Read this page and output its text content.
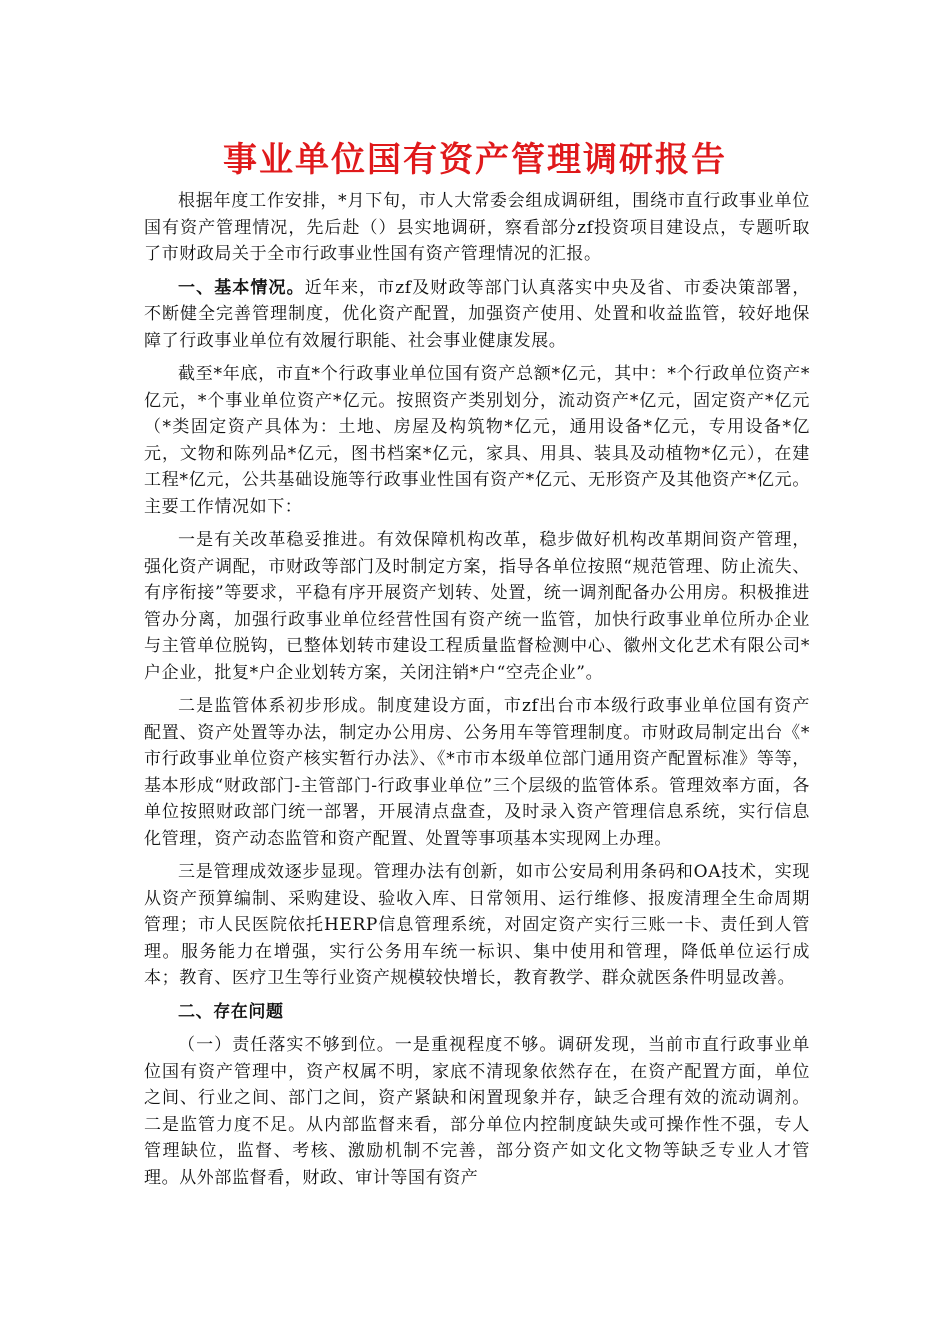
事业单位国有资产管理调研报告

根据年度工作安排，*月下旬，市人大常委会组成调研组，围绕市直行政事业单位国有资产管理情况，先后赴（）县实地调研，察看部分zf投资项目建设点，专题听取了市财政局关于全市行政事业性国有资产管理情况的汇报。

一、基本情况。近年来，市zf及财政等部门认真落实中央及省、市委决策部署，不断健全完善管理制度，优化资产配置，加强资产使用、处置和收益监管，较好地保障了行政事业单位有效履行职能、社会事业健康发展。

截至*年底，市直*个行政事业单位国有资产总额*亿元，其中：*个行政单位资产*亿元，*个事业单位资产*亿元。按照资产类别划分，流动资产*亿元，固定资产*亿元（*类固定资产具体为：土地、房屋及构筑物*亿元，通用设备*亿元，专用设备*亿元，文物和陈列品*亿元，图书档案*亿元，家具、用具、装具及动植物*亿元），在建工程*亿元，公共基础设施等行政事业性国有资产*亿元、无形资产及其他资产*亿元。主要工作情况如下：

一是有关改革稳妥推进。有效保障机构改革，稳步做好机构改革期间资产管理，强化资产调配，市财政等部门及时制定方案，指导各单位按照“规范管理、防止流失、有序衔接”等要求，平稳有序开展资产划转、处置，统一调剂配备办公用房。积极推进管办分离，加强行政事业单位经营性国有资产统一监管，加快行政事业单位所办企业与主管单位脱钩，已整体划转市建设工程质量监督检测中心、徽州文化艺术有限公司*户企业，批复*户企业划转方案，关闭注销*户“空壳企业”。

二是监管体系初步形成。制度建设方面，市zf出台市本级行政事业单位国有资产配置、资产处置等办法，制定办公用房、公务用车等管理制度。市财政局制定出台《*市行政事业单位资产核实暂行办法》、《*市市本级单位部门通用资产配置标准》等等，基本形成“财政部门-主管部门-行政事业单位”三个层级的监管体系。管理效率方面，各单位按照财政部门统一部署，开展清点盘查，及时录入资产管理信息系统，实行信息化管理，资产动态监管和资产配置、处置等事项基本实现网上办理。

三是管理成效逐步显现。管理办法有创新，如市公安局利用条码和OA技术，实现从资产预算编制、采购建设、验收入库、日常领用、运行维修、报废清理全生命周期管理；市人民医院依托HERP信息管理系统，对固定资产实行三账一卡、责任到人管理。服务能力在增强，实行公务用车统一标识、集中使用和管理，降低单位运行成本；教育、医疗卫生等行业资产规模较快增长，教育教学、群众就医条件明显改善。

二、存在问题

（一）责任落实不够到位。一是重视程度不够。调研发现，当前市直行政事业单位国有资产管理中，资产权属不明，家底不清现象依然存在，在资产配置方面，单位之间、行业之间、部门之间，资产紧缺和闲置现象并存，缺乏合理有效的流动调剂。二是监管力度不足。从内部监督来看，部分单位内控制度缺失或可操作性不强，专人管理缺位，监督、考核、激励机制不完善，部分资产如文化文物等缺乏专业人才管理。从外部监督看，财政、审计等国有资产
